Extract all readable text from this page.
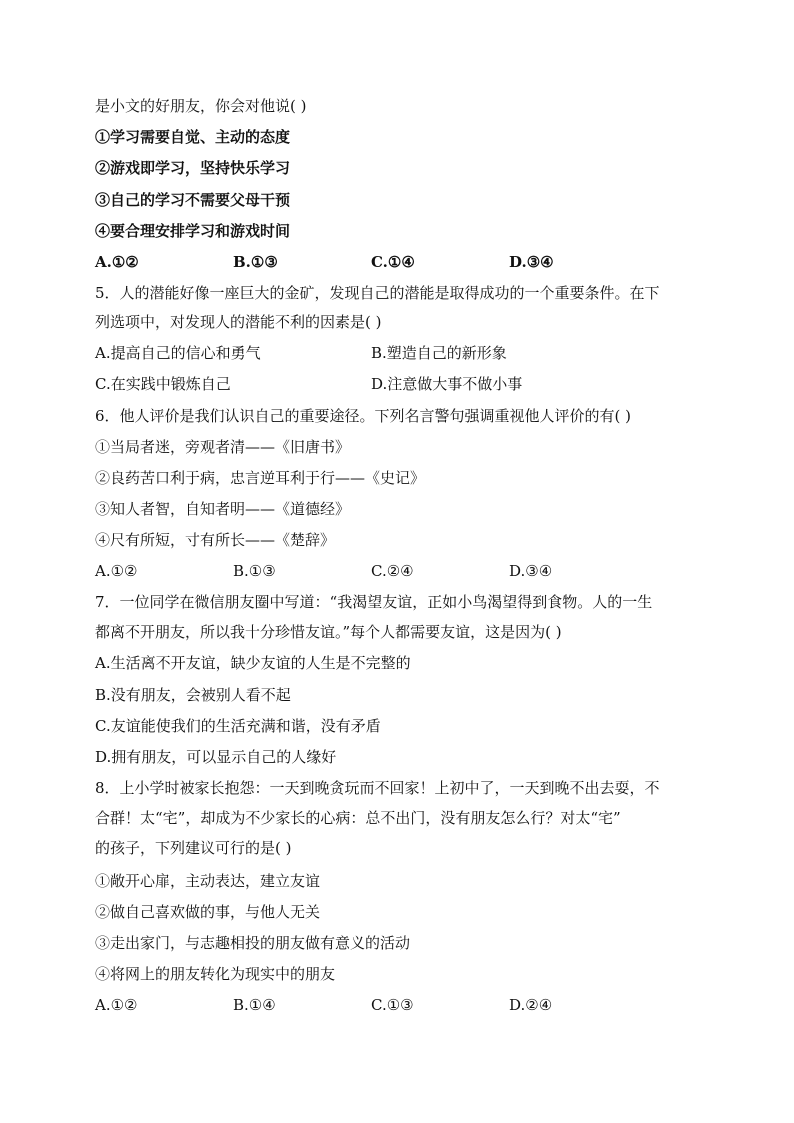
是小文的好朋友，你会对他说( )
①学习需要自觉、主动的态度
②游戏即学习，坚持快乐学习
③自己的学习不需要父母干预
④要合理安排学习和游戏时间
A.①②	B.①③	C.①④	D.③④
5．人的潜能好像一座巨大的金矿，发现自己的潜能是取得成功的一个重要条件。在下
列选项中，对发现人的潜能不利的因素是( )
A.提高自己的信心和勇气	B.塑造自己的新形象
C.在实践中锻炼自己	D.注意做大事不做小事
6．他人评价是我们认识自己的重要途径。下列名言警句强调重视他人评价的有( )
①当局者迷，旁观者清——《旧唐书》
②良药苦口利于病，忠言逆耳利于行——《史记》
③知人者智，自知者明——《道德经》
④尺有所短，寸有所长——《楚辞》
A.①②	B.①③	C.②④	D.③④
7．一位同学在微信朋友圈中写道：“我渴望友谊，正如小鸟渴望得到食物。人的一生
都离不开朋友，所以我十分珍惜友谊。”每个人都需要友谊，这是因为( )
A.生活离不开友谊，缺少友谊的人生是不完整的
B.没有朋友，会被别人看不起
C.友谊能使我们的生活充满和谐，没有矛盾
D.拥有朋友，可以显示自己的人缘好
8．上小学时被家长抱怨：一天到晚贪玩而不回家！上初中了，一天到晚不出去耍，不
合群！太“宅”，却成为不少家长的心病：总不出门，没有朋友怎么行？对太“宅”
的孩子，下列建议可行的是( )
①敞开心扉，主动表达，建立友谊
②做自己喜欢做的事，与他人无关
③走出家门，与志趣相投的朋友做有意义的活动
④将网上的朋友转化为现实中的朋友
A.①②	B.①④	C.①③	D.②④
